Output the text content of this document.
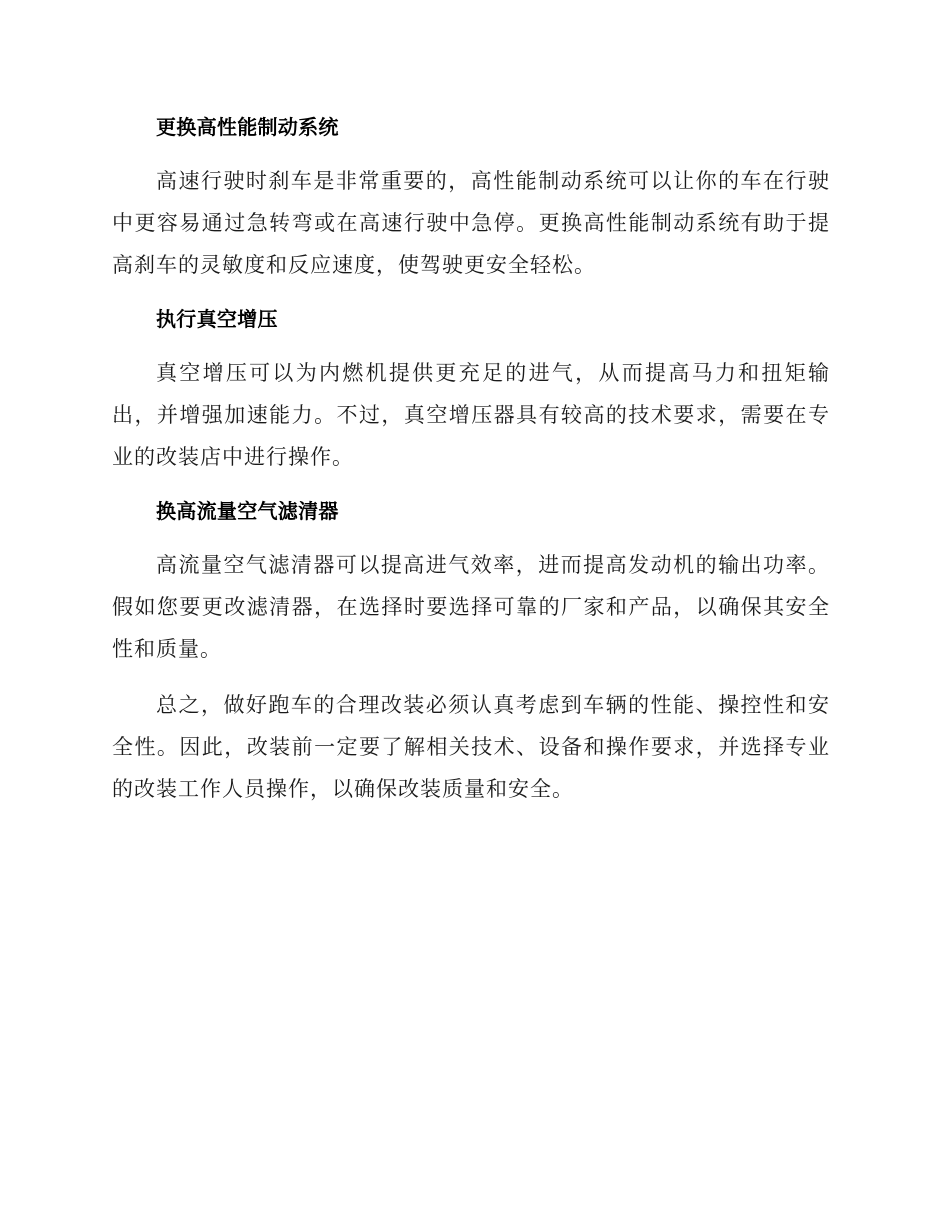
更换高性能制动系统

高速行驶时刹车是非常重要的，高性能制动系统可以让你的车在行驶中更容易通过急转弯或在高速行驶中急停。更换高性能制动系统有助于提高刹车的灵敏度和反应速度，使驾驶更安全轻松。

执行真空增压

真空增压可以为内燃机提供更充足的进气，从而提高马力和扭矩输出，并增强加速能力。不过，真空增压器具有较高的技术要求，需要在专业的改装店中进行操作。

换高流量空气滤清器

高流量空气滤清器可以提高进气效率，进而提高发动机的输出功率。假如您要更改滤清器，在选择时要选择可靠的厂家和产品，以确保其安全性和质量。

总之，做好跑车的合理改装必须认真考虑到车辆的性能、操控性和安全性。因此，改装前一定要了解相关技术、设备和操作要求，并选择专业的改装工作人员操作，以确保改装质量和安全。
